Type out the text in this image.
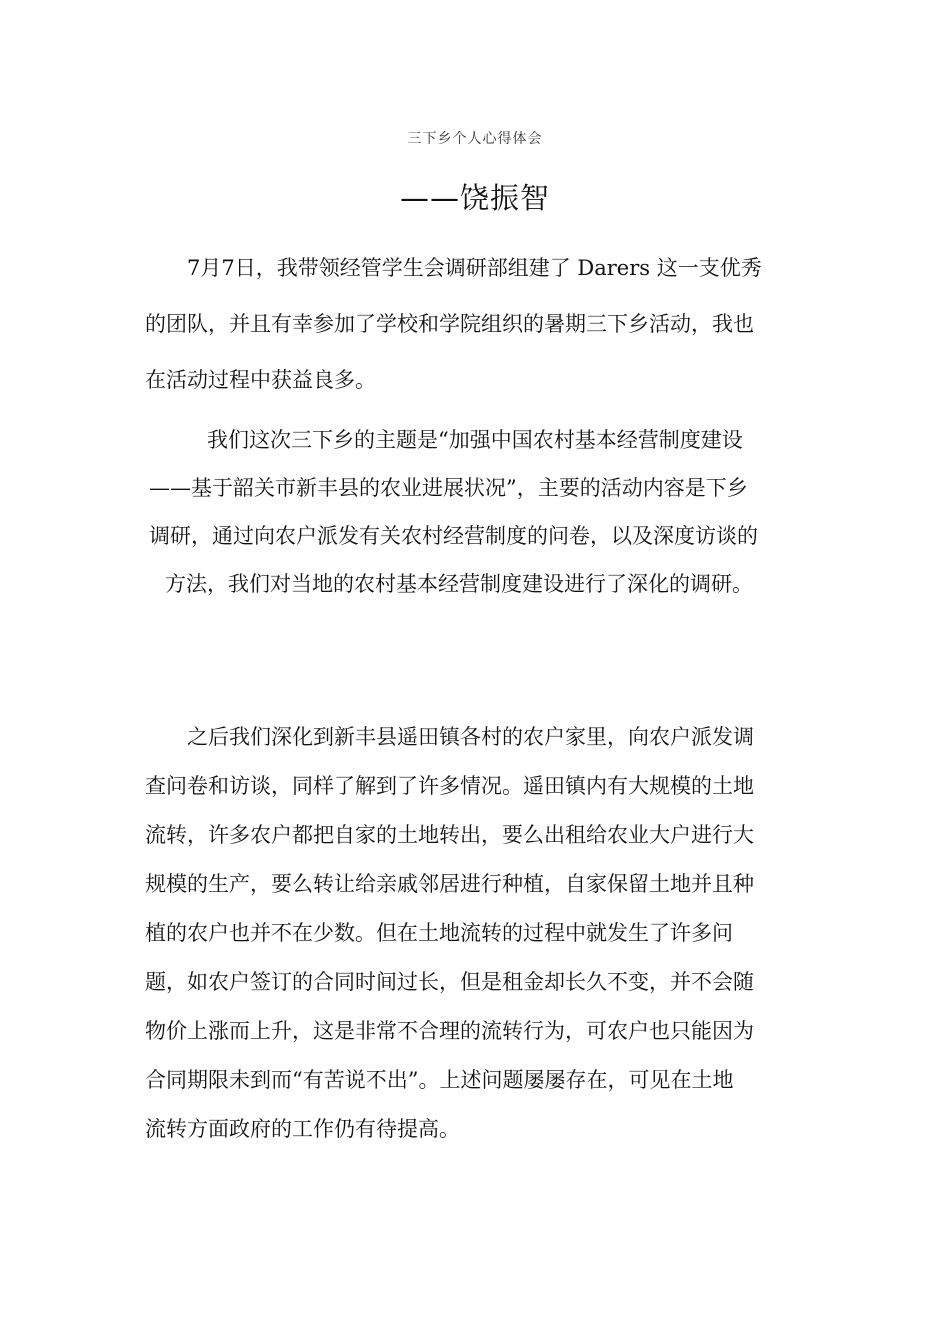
三下乡个人心得体会
——饶振智
7月7日，我带领经管学生会调研部组建了 Darers 这一支优秀
的团队，并且有幸参加了学校和学院组织的暑期三下乡活动，我也
在活动过程中获益良多。
我们这次三下乡的主题是“加强中国农村基本经营制度建设
——基于韶关市新丰县的农业进展状况”，主要的活动内容是下乡
调研，通过向农户派发有关农村经营制度的问卷，以及深度访谈的
方法，我们对当地的农村基本经营制度建设进行了深化的调研。
之后我们深化到新丰县遥田镇各村的农户家里，向农户派发调
查问卷和访谈，同样了解到了许多情况。遥田镇内有大规模的土地
流转，许多农户都把自家的土地转出，要么出租给农业大户进行大
规模的生产，要么转让给亲戚邻居进行种植，自家保留土地并且种
植的农户也并不在少数。但在土地流转的过程中就发生了许多问
题，如农户签订的合同时间过长，但是租金却长久不变，并不会随
物价上涨而上升，这是非常不合理的流转行为，可农户也只能因为
合同期限未到而“有苦说不出”。上述问题屡屡存在，可见在土地
流转方面政府的工作仍有待提高。
